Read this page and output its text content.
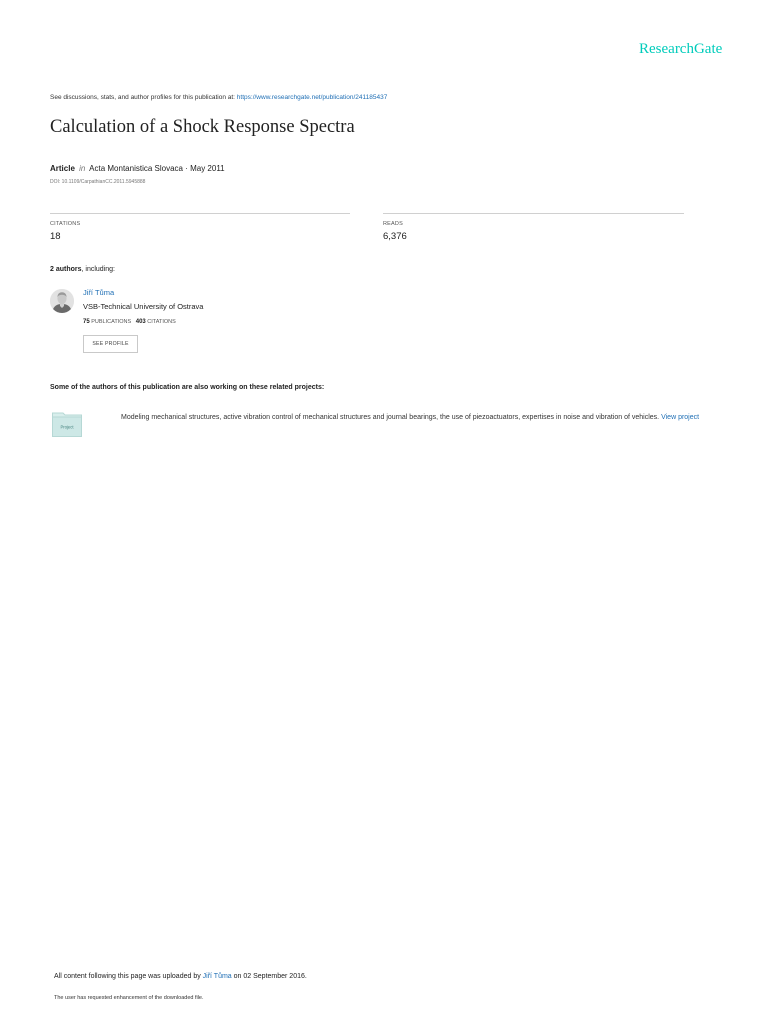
ResearchGate
See discussions, stats, and author profiles for this publication at: https://www.researchgate.net/publication/241185437
Calculation of a Shock Response Spectra
Article in Acta Montanistica Slovaca · May 2011
DOI: 10.1109/CarpathianCC.2011.5945888
CITATIONS
18
READS
6,376
2 authors, including:
Jiří Tůma
VSB-Technical University of Ostrava
75 PUBLICATIONS 403 CITATIONS
SEE PROFILE
Some of the authors of this publication are also working on these related projects:
Project
Modeling mechanical structures, active vibration control of mechanical structures and journal bearings, the use of piezoactuators, expertises in noise and vibration of vehicles. View project
All content following this page was uploaded by Jiří Tůma on 02 September 2016.
The user has requested enhancement of the downloaded file.
